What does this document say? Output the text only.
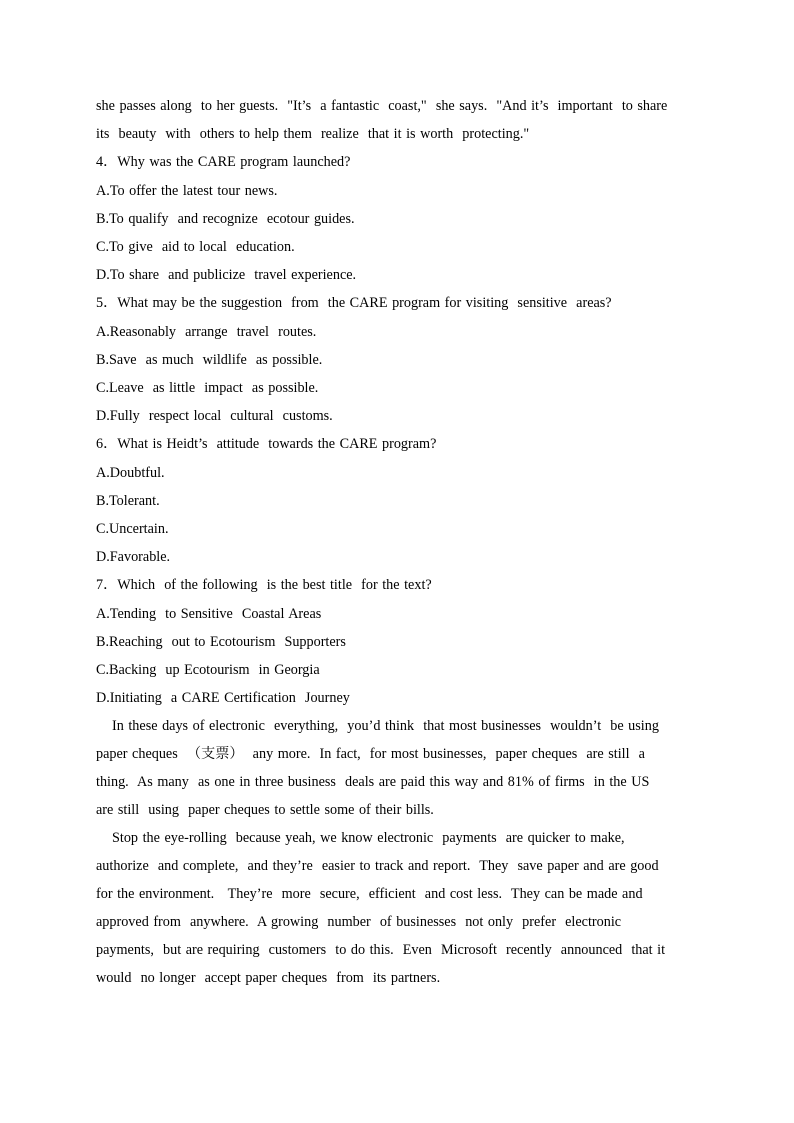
she passes along  to her guests.  "It’s  a fantastic  coast,"  she says.  "And it’s  important  to share
its  beauty  with  others to help them  realize  that it is worth  protecting."
4．Why was the CARE program launched?
A.To offer the latest tour news.
B.To qualify  and recognize  ecotour guides.
C.To give  aid to local  education.
D.To share  and publicize  travel experience.
5．What may be the suggestion  from  the CARE program for visiting  sensitive  areas?
A.Reasonably  arrange  travel  routes.
B.Save  as much  wildlife  as possible.
C.Leave  as little  impact  as possible.
D.Fully  respect local  cultural  customs.
6．What is Heidt’s  attitude  towards the CARE program?
A.Doubtful.
B.Tolerant.
C.Uncertain.
D.Favorable.
7．Which  of the following  is the best title  for the text?
A.Tending  to Sensitive  Coastal Areas
B.Reaching  out to Ecotourism  Supporters
C.Backing  up Ecotourism  in Georgia
D.Initiating  a CARE Certification  Journey
In these days of electronic  everything,  you’d think  that most businesses  wouldn’t  be using
paper cheques  （支票）  any more.  In fact,  for most businesses,  paper cheques  are still  a
thing.  As many  as one in three business  deals are paid this way and 81% of firms  in the US
are still  using  paper cheques to settle some of their bills.
Stop the eye-rolling  because yeah, we know electronic  payments  are quicker to make,
authorize  and complete,  and they’re  easier to track and report.  They  save paper and are good
for the environment.   They’re  more  secure,  efficient  and cost less.  They can be made and
approved from  anywhere.  A growing  number  of businesses  not only  prefer  electronic
payments,  but are requiring  customers  to do this.  Even  Microsoft  recently  announced  that it
would  no longer  accept paper cheques  from  its partners.
